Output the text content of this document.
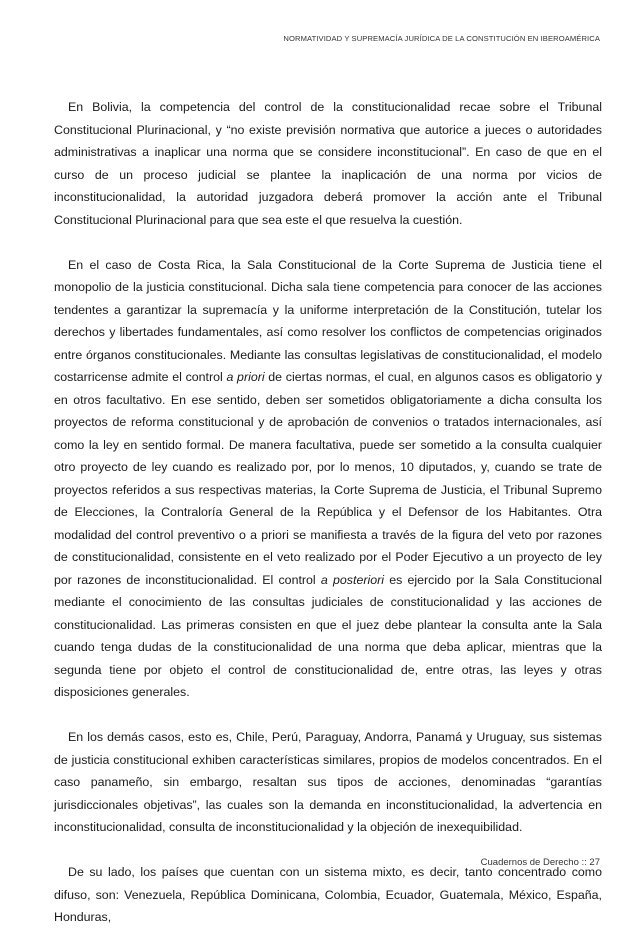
NORMATIVIDAD Y SUPREMACÍA JURÍDICA DE LA CONSTITUCIÓN EN IBEROAMÉRICA

En Bolivia, la competencia del control de la constitucionalidad recae sobre el Tribunal Constitucional Plurinacional, y “no existe previsión normativa que autorice a jueces o autoridades administrativas a inaplicar una norma que se considere inconstitucional”. En caso de que en el curso de un proceso judicial se plantee la inaplicación de una norma por vicios de inconstitucionalidad, la autoridad juzgadora deberá promover la acción ante el Tribunal Constitucional Plurinacional para que sea este el que resuelva la cuestión.

En el caso de Costa Rica, la Sala Constitucional de la Corte Suprema de Justicia tiene el monopolio de la justicia constitucional. Dicha sala tiene competencia para conocer de las acciones tendentes a garantizar la supremacía y la uniforme interpretación de la Constitución, tutelar los derechos y libertades fundamentales, así como resolver los conflictos de competencias originados entre órganos constitucionales. Mediante las consultas legislativas de constitucionalidad, el modelo costarricense admite el control a priori de ciertas normas, el cual, en algunos casos es obligatorio y en otros facultativo. En ese sentido, deben ser sometidos obligatoriamente a dicha consulta los proyectos de reforma constitucional y de aprobación de convenios o tratados internacionales, así como la ley en sentido formal. De manera facultativa, puede ser sometido a la consulta cualquier otro proyecto de ley cuando es realizado por, por lo menos, 10 diputados, y, cuando se trate de proyectos referidos a sus respectivas materias, la Corte Suprema de Justicia, el Tribunal Supremo de Elecciones, la Contraloría General de la República y el Defensor de los Habitantes. Otra modalidad del control preventivo o a priori se manifiesta a través de la figura del veto por razones de constitucionalidad, consistente en el veto realizado por el Poder Ejecutivo a un proyecto de ley por razones de inconstitucionalidad. El control a posteriori es ejercido por la Sala Constitucional mediante el conocimiento de las consultas judiciales de constitucionalidad y las acciones de constitucionalidad. Las primeras consisten en que el juez debe plantear la consulta ante la Sala cuando tenga dudas de la constitucionalidad de una norma que deba aplicar, mientras que la segunda tiene por objeto el control de constitucionalidad de, entre otras, las leyes y otras disposiciones generales.

En los demás casos, esto es, Chile, Perú, Paraguay, Andorra, Panamá y Uruguay, sus sistemas de justicia constitucional exhiben características similares, propios de modelos concentrados. En el caso panameño, sin embargo, resaltan sus tipos de acciones, denominadas “garantías jurisdiccionales objetivas”, las cuales son la demanda en inconstitucionalidad, la advertencia en inconstitucionalidad, consulta de inconstitucionalidad y la objeción de inexequibilidad.

De su lado, los países que cuentan con un sistema mixto, es decir, tanto concentrado como difuso, son: Venezuela, República Dominicana, Colombia, Ecuador, Guatemala, México, España, Honduras,

Cuadernos de Derecho :: 27
